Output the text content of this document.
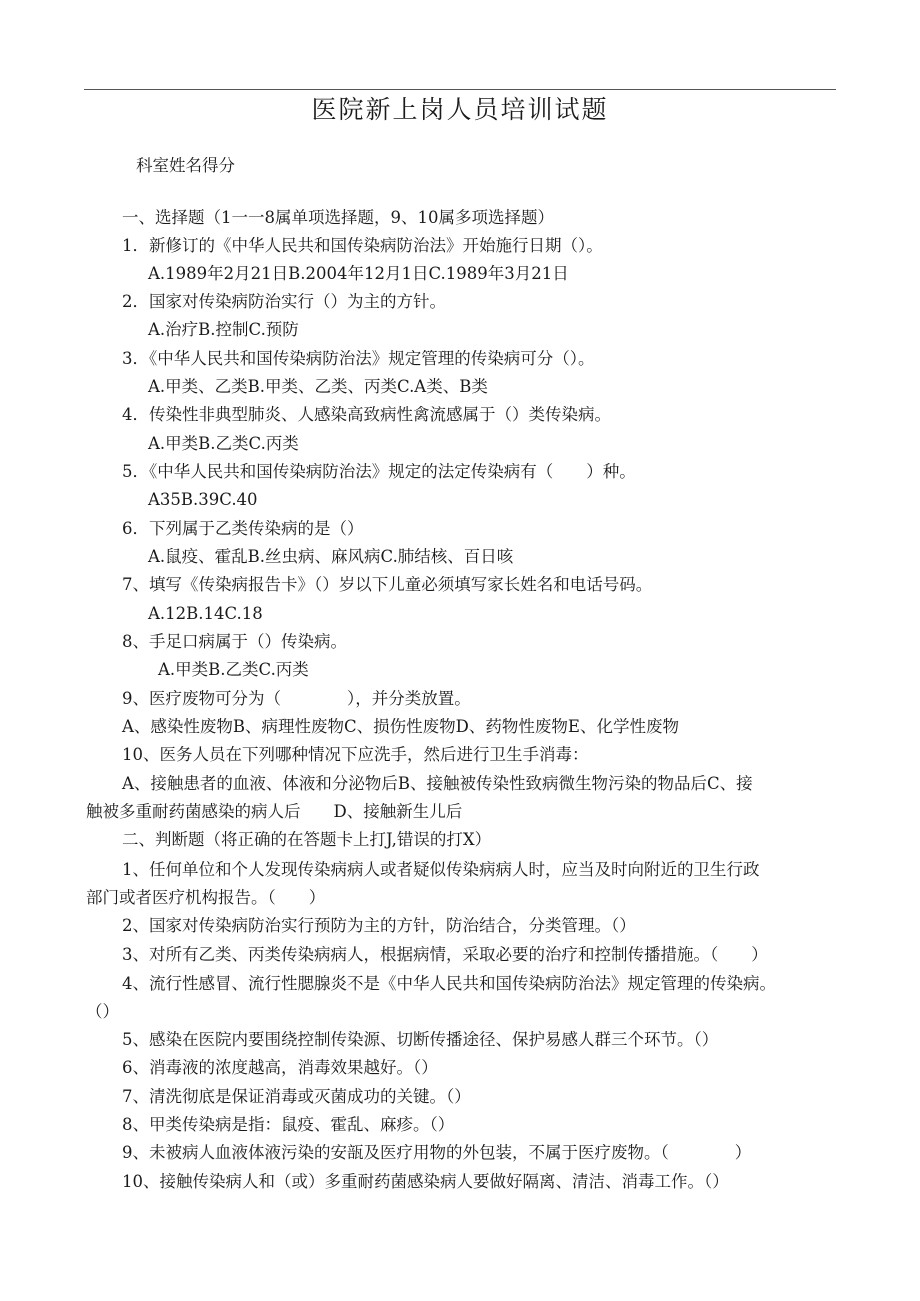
医院新上岗人员培训试题
科室姓名得分
一、选择题（1一一8属单项选择题，9、10属多项选择题）
1．新修订的《中华人民共和国传染病防治法》开始施行日期（）。
A.1989年2月21日B.2004年12月1日C.1989年3月21日
2．国家对传染病防治实行（）为主的方针。
A.治疗B.控制C.预防
3．《中华人民共和国传染病防治法》规定管理的传染病可分（）。
A.甲类、乙类B.甲类、乙类、丙类C.A类、B类
4．传染性非典型肺炎、人感染高致病性禽流感属于（）类传染病。
A.甲类B.乙类C.丙类
5．《中华人民共和国传染病防治法》规定的法定传染病有（　　）种。
A35B.39C.40
6．下列属于乙类传染病的是（）
A.鼠疫、霍乱B.丝虫病、麻风病C.肺结核、百日咳
7、填写《传染病报告卡》（）岁以下儿童必须填写家长姓名和电话号码。
A.12B.14C.18
8、手足口病属于（）传染病。
A.甲类B.乙类C.丙类
9、医疗废物可分为（　　　　），并分类放置。
A、感染性废物B、病理性废物C、损伤性废物D、药物性废物E、化学性废物
10、医务人员在下列哪种情况下应洗手，然后进行卫生手消毒：
A、接触患者的血液、体液和分泌物后B、接触被传染性致病微生物污染的物品后C、接
触被多重耐药菌感染的病人后　　D、接触新生儿后
二、判断题（将正确的在答题卡上打J,错误的打X）
1、任何单位和个人发现传染病病人或者疑似传染病病人时，应当及时向附近的卫生行政
部门或者医疗机构报告。（　　）
2、国家对传染病防治实行预防为主的方针，防治结合，分类管理。（）
3、对所有乙类、丙类传染病病人，根据病情，采取必要的治疗和控制传播措施。（　　）
4、流行性感冒、流行性腮腺炎不是《中华人民共和国传染病防治法》规定管理的传染病。
（）
5、感染在医院内要围绕控制传染源、切断传播途径、保护易感人群三个环节。（）
6、消毒液的浓度越高，消毒效果越好。（）
7、清洗彻底是保证消毒或灭菌成功的关键。（）
8、甲类传染病是指：鼠疫、霍乱、麻疹。（）
9、未被病人血液体液污染的安瓿及医疗用物的外包装，不属于医疗废物。（　　　　）
10、接触传染病人和（或）多重耐药菌感染病人要做好隔离、清洁、消毒工作。（）
